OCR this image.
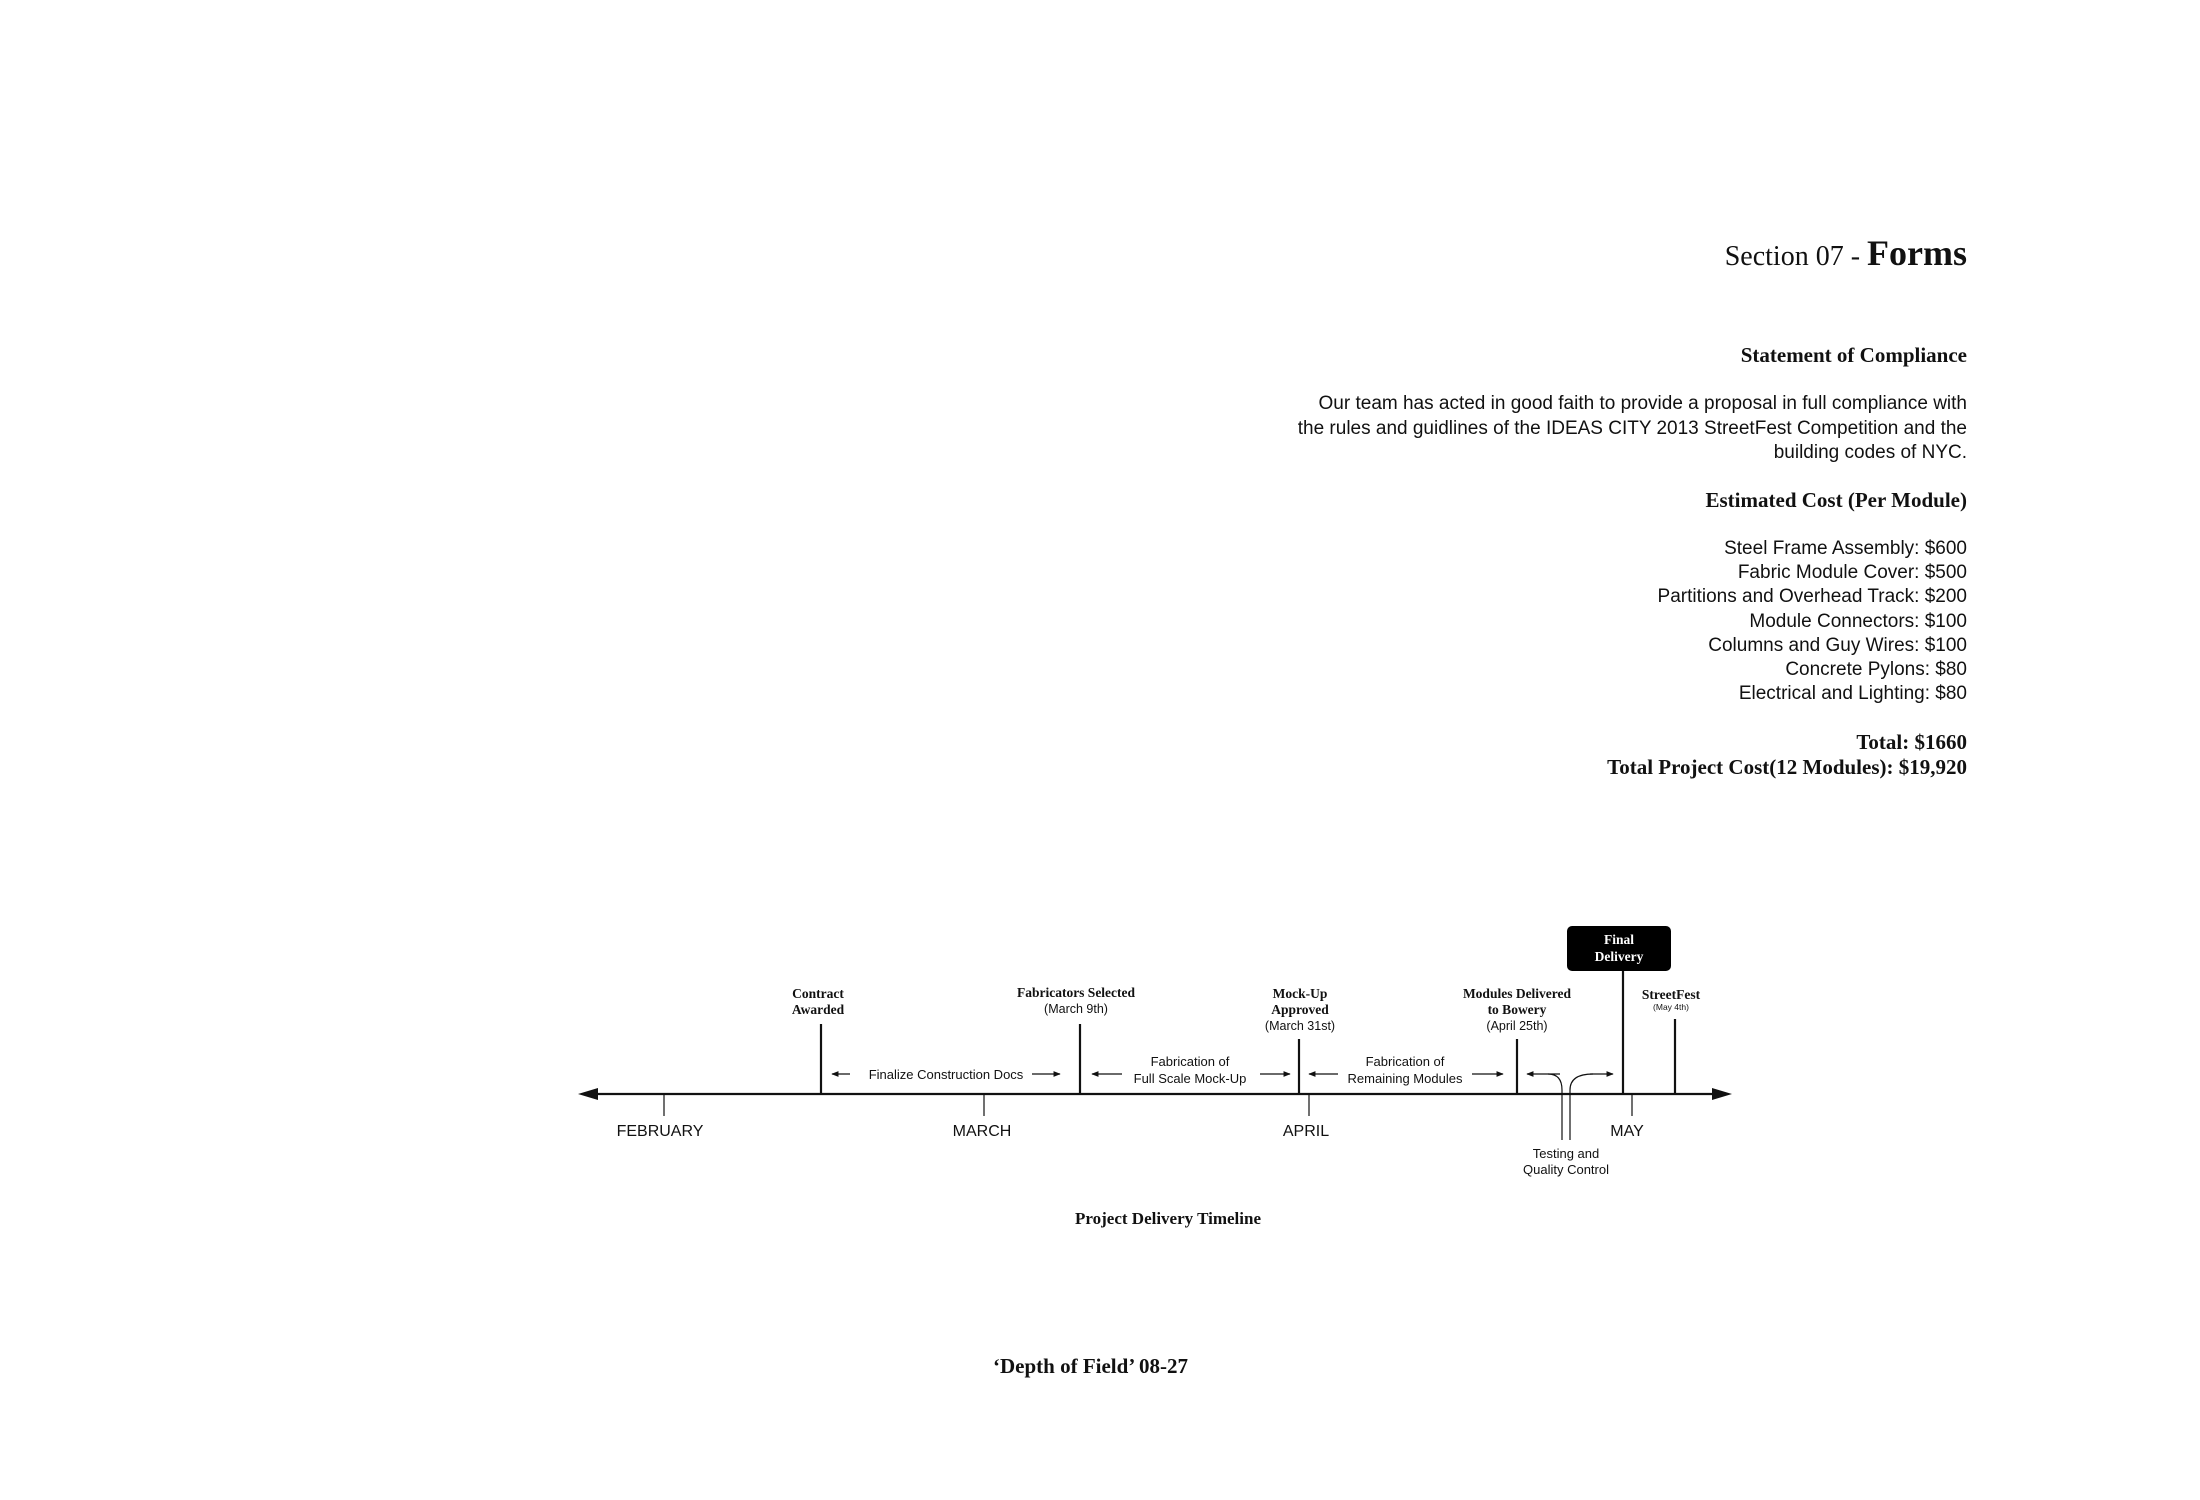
Section 07 - Forms
Statement of Compliance
Our team has acted in good faith to provide a proposal in full compliance with
the rules and guidlines of the IDEAS CITY 2013 StreetFest Competition and the
building codes of NYC.
Estimated Cost (Per Module)
Steel Frame Assembly: $600
Fabric Module Cover: $500
Partitions and Overhead Track: $200
Module Connectors: $100
Columns and Guy Wires: $100
Concrete Pylons: $80
Electrical and Lighting: $80
Total: $1660
Total Project Cost(12 Modules): $19,920
Contract
Awarded
Fabricators Selected	Mock-Up
Approved
Modules Delivered
to Bowery
StreetFest
Final
Delivery
(March 9th)
(March 31st)	(April 25th)
(May 4th)
Finalize Construction Docs
Fabrication of
Full Scale Mock-Up
Fabrication of
Remaining Modules
Testing and
Quality Control
FEBRUARY	MARCH	APRIL	MAY
Project Delivery Timeline
‘Depth of Field’ 08-27
